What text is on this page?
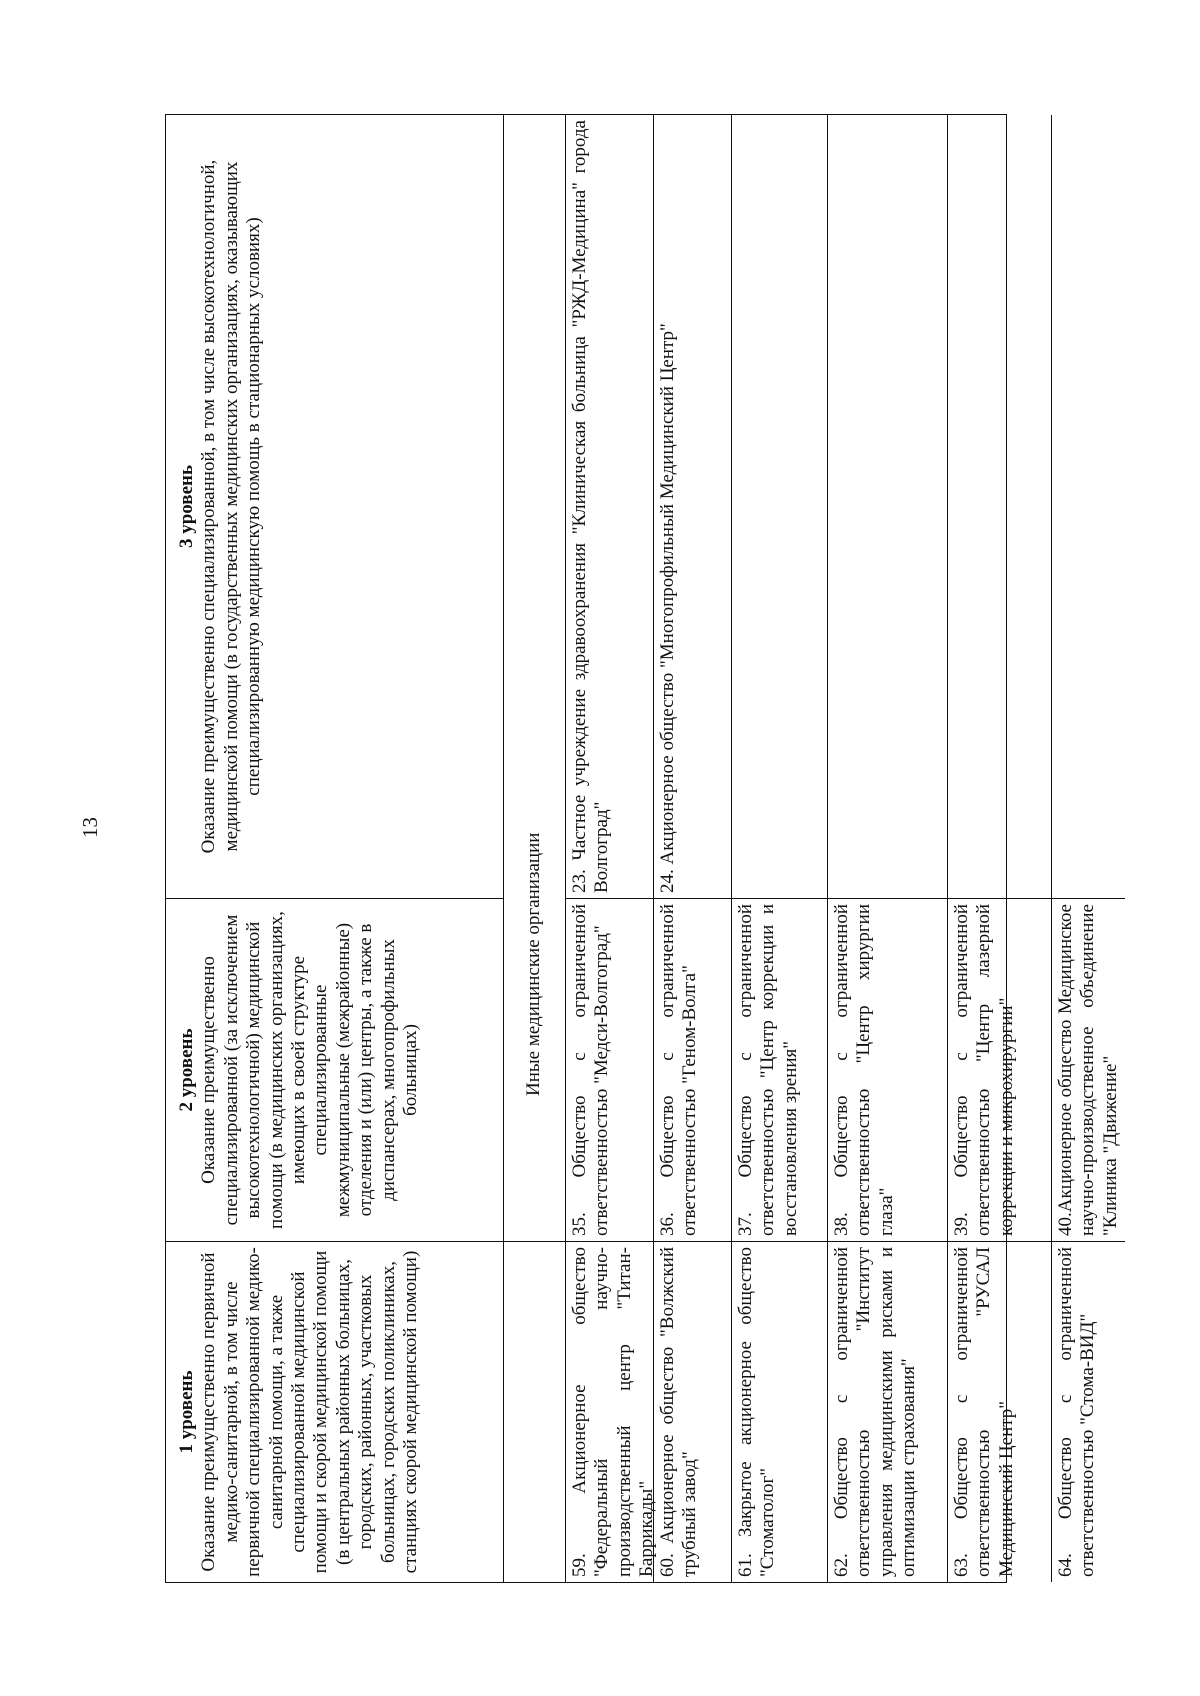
13
1 уровень Оказание преимущественно первичной медико-санитарной, в том числе первичной специализированной медико-санитарной помощи, а также специализированной медицинской помощи и скорой медицинской помощи (в центральных районных больницах, городских, районных, участковых больницах, городских поликлиниках, станциях скорой медицинской помощи)
2 уровень Оказание преимущественно специализированной (за исключением высокотехнологичной) медицинской помощи (в медицинских организациях, имеющих в своей структуре специализированные межмуниципальные (межрайонные) отделения и (или) центры, а также в диспансерах, многопрофильных больницах)
3 уровень Оказание преимущественно специализированной, в том числе высокотехнологичной, медицинской помощи (в государственных медицинских организациях, оказывающих специализированную медицинскую помощь в стационарных условиях)
Иные медицинские организации
59. Акционерное общество "Федеральный научно-производственный центр "Титан-Баррикады"
35. Общество с ограниченной ответственностью "Медси-Волгоград"
23. Частное учреждение здравоохранения "Клиническая больница "РЖД-Медицина" города Волгоград"
60. Акционерное общество "Волжский трубный завод"
36. Общество с ограниченной ответственностью "Геном-Волга"
24. Акционерное общество "Многопрофильный Медицинский Центр"
61. Закрытое акционерное общество "Стоматолог"
37. Общество с ограниченной ответственностью "Центр коррекции и восстановления зрения"
62. Общество с ограниченной ответственностью "Институт управления медицинскими рисками и оптимизации страхования"
38. Общество с ограниченной ответственностью "Центр хирургии глаза"
63. Общество с ограниченной ответственностью "РУСАЛ Медицинский Центр"
39. Общество с ограниченной ответственностью "Центр лазерной коррекции и микрохирургии"
64. Общество с ограниченной ответственностью "Стома-ВИД"
40.Акционерное общество Медицинское научно-производственное объединение "Клиника "Движение"
